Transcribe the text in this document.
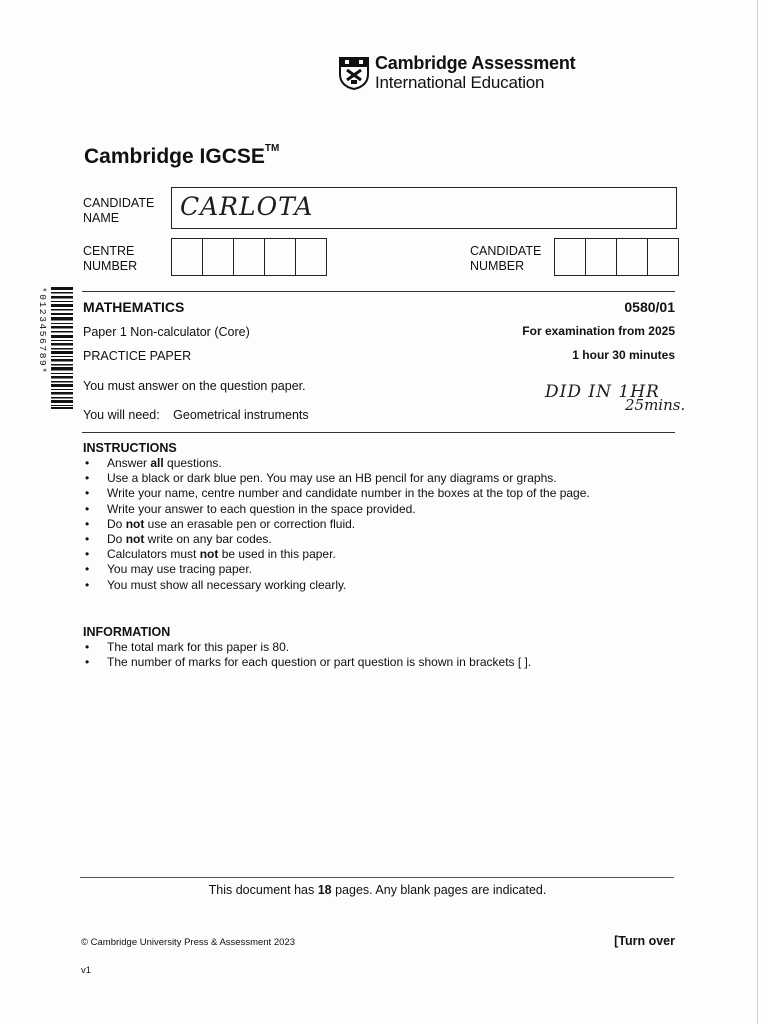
Cambridge Assessment
International Education
Cambridge IGCSE™
CANDIDATE
NAME	CARLOTA
CENTRE
NUMBER
CANDIDATE
NUMBER
*0123456789*	MATHEMATICS	0580/01
Paper 1 Non-calculator (Core)	For examination from 2025
PRACTICE PAPER	1 hour 30 minutes
You must answer on the question paper.
You will need: Geometrical instruments
DID IN 1HR
25mins.
INSTRUCTIONS
• Answer all questions.
• Use a black or dark blue pen. You may use an HB pencil for any diagrams or graphs.
• Write your name, centre number and candidate number in the boxes at the top of the page.
• Write your answer to each question in the space provided.
• Do not use an erasable pen or correction fluid.
• Do not write on any bar codes.
• Calculators must not be used in this paper.
• You may use tracing paper.
• You must show all necessary working clearly.
INFORMATION
• The total mark for this paper is 80.
• The number of marks for each question or part question is shown in brackets [ ].
This document has 18 pages. Any blank pages are indicated.
© Cambridge University Press & Assessment 2023	[Turn over
v1
